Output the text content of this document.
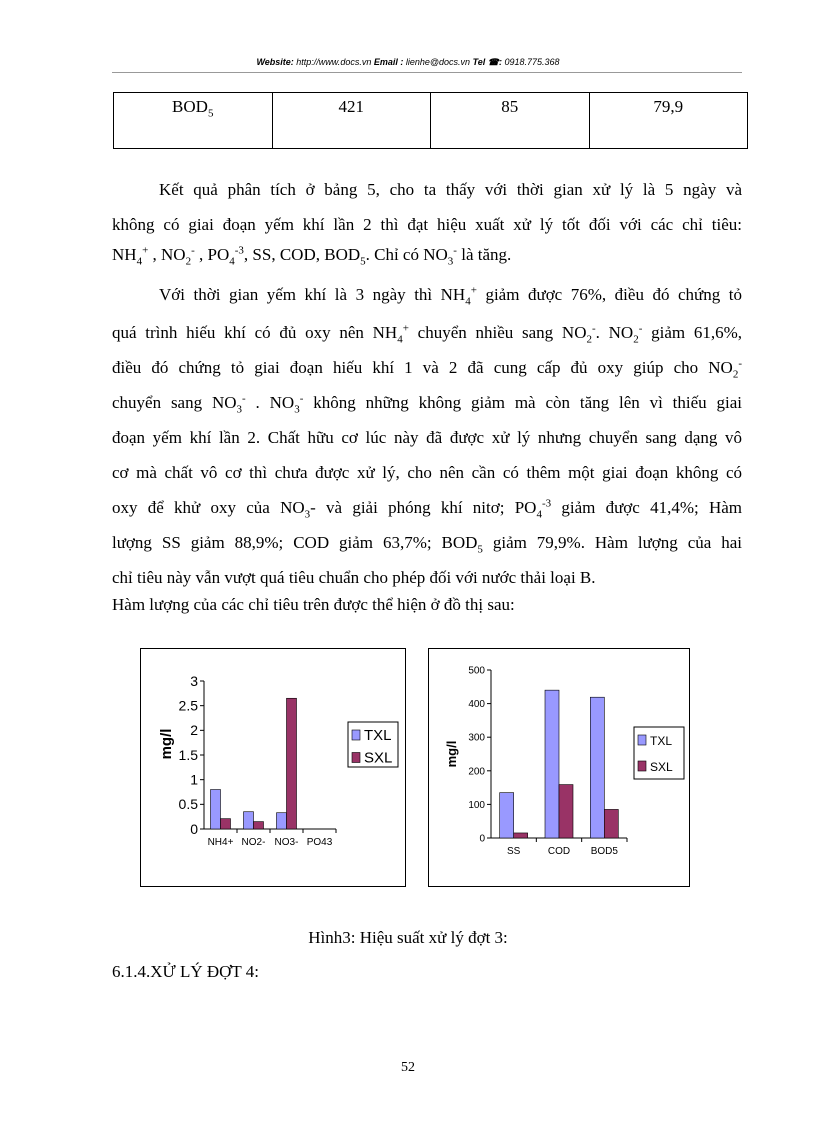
Website: http://www.docs.vn Email : lienhe@docs.vn Tel ☎: 0918.775.368
$BOD_5$	421	85	79,9
Kết quả phân tích ở bảng 5, cho ta thấy với thời gian xử lý là 5 ngày và
không có giai đoạn yếm khí lần 2 thì đạt hiệu xuất xử lý tốt đối với các chỉ tiêu:
$NH_4^+$ , $NO_2^-$ , $PO_4^{-3}$, SS, COD, $BOD_5$. Chỉ có $NO_3^-$ là tăng.
Với thời gian yếm khí là 3 ngày thì $NH_4^+$ giảm được 76%, điều đó chứng tỏ
quá trình hiếu khí có đủ oxy nên $NH_4^+$ chuyển nhiều sang $NO_2^-$. $NO_2^-$ giảm 61,6%,
điều đó chứng tỏ giai đoạn hiếu khí 1 và 2 đã cung cấp đủ oxy giúp cho $NO_2^-$
chuyển sang $NO_3^-$ . $NO_3^-$ không những không giảm mà còn tăng lên vì thiếu giai
đoạn yếm khí lần 2. Chất hữu cơ lúc này đã được xử lý nhưng chuyển sang dạng vô
cơ mà chất vô cơ thì chưa được xử lý, cho nên cần có thêm một giai đoạn không có
oxy để khử oxy của $NO_3-$ và giải phóng khí nitơ; $PO_4^{-3}$ giảm được 41,4%; Hàm
lượng SS giảm 88,9%; COD giảm 63,7%; $BOD_5$ giảm 79,9%. Hàm lượng của hai
chỉ tiêu này vẫn vượt quá tiêu chuẩn cho phép đối với nước thải loại B.
Hàm lượng của các chỉ tiêu trên được thể hiện ở đồ thị sau:
0
0.5
1
1.5
2
2.5
3
mg/l
NH4+ NO2- NO3- PO43
TXL
SXL
0
100
200
300
400
500
mg/l
SS	COD BOD5
TXL
SXL
Hình3: Hiệu suất xử lý đợt 3:
6.1.4.XỬ LÝ ĐỢT 4:
52
